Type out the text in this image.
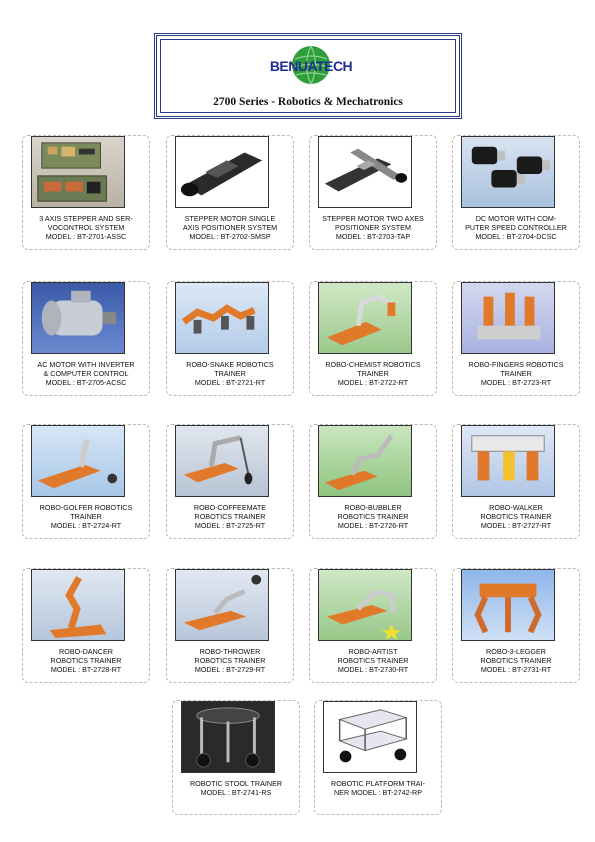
BENUATECH
2700 Series - Robotics & Mechatronics
3 AXIS STEPPER AND SER-
VOCONTROL SYSTEM
MODEL : BT-2701-ASSC
STEPPER MOTOR SINGLE
AXIS POSITIONER SYSTEM
MODEL : BT-2702-SMSP
STEPPER MOTOR TWO AXES
POSITIONER SYSTEM
MODEL : BT-2703-TAP
DC MOTOR WITH COM-
PUTER SPEED CONTROLLER
MODEL : BT-2704-DCSC
AC MOTOR WITH INVERTER
& COMPUTER CONTROL
MODEL : BT-2705-ACSC
ROBO-SNAKE ROBOTICS
TRAINER
MODEL : BT-2721-RT
ROBO-CHEMIST ROBOTICS
TRAINER
MODEL : BT-2722-RT
ROBO-FINGERS ROBOTICS
TRAINER
MODEL : BT-2723-RT
ROBO-GOLFER ROBOTICS
TRAINER
MODEL : BT-2724-RT
ROBO-COFFEEMATE
ROBOTICS TRAINER
MODEL : BT-2725-RT
ROBO-BUBBLER
ROBOTICS TRAINER
MODEL : BT-2726-RT
ROBO-WALKER
ROBOTICS TRAINER
MODEL : BT-2727-RT
ROBO-DANCER
ROBOTICS TRAINER
MODEL : BT-2728-RT
ROBO-THROWER
ROBOTICS TRAINER
MODEL : BT-2729-RT
ROBO-ARTIST
ROBOTICS TRAINER
MODEL : BT-2730-RT
ROBO-3-LEGGER
ROBOTICS TRAINER
MODEL : BT-2731-RT
ROBOTIC STOOL TRAINER
MODEL : BT-2741-RS
ROBOTIC PLATFORM TRAI-
NER MODEL : BT-2742-RP
